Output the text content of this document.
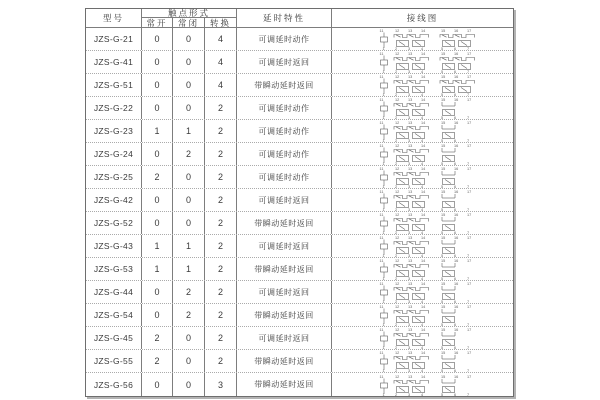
型号	触点形式
常开	常闭	转换	延时特性	接线图
JZS-G-21	0	0	4	可调延时动作
11
1
12 13 14
2	3	4
15 16 17
5	6	7
JZS-G-41	0	0	4	可调延时返回
11
1
12 13 14
2	3	4
15 16 17
5	6	7
JZS-G-51	0	0	4	带瞬动延时返回
11
1
12 13 14
2	3	4
15 16 17
5	6	7
JZS-G-22	0	0	2	可调延时动作
11
1
12 13 14
2	3	4
15 16 17
5	6	7
JZS-G-23	1	1	2	可调延时动作
11
1
12 13 14
2	3	4
15 16 17
5	6	7
JZS-G-24	0	2	2	可调延时动作
11
1
12 13 14
2	3	4
15 16 17
5	6	7
JZS-G-25	2	0	2	可调延时动作
11
1
12 13 14
2	3	4
15 16 17
5	6	7
JZS-G-42	0	0	2	可调延时返回
11
1
12 13 14
2	3	4
15 16 17
5	6	7
JZS-G-52	0	0	2	带瞬动延时返回
11
1
12 13 14
2	3	4
15 16 17
5	6	7
JZS-G-43	1	1	2	可调延时返回
11
1
12 13 14
2	3	4
15 16 17
5	6	7
JZS-G-53	1	1	2	带瞬动延时返回
11
1
12 13 14
2	3	4
15 16 17
5	6	7
JZS-G-44	0	2	2	可调延时返回
11
1
12 13 14
2	3	4
15 16 17
5	6	7
JZS-G-54	0	2	2	带瞬动延时返回
11
1
12 13 14
2	3	4
15 16 17
5	6	7
JZS-G-45	2	0	2	可调延时返回
11
1
12 13 14
2	3	4
15 16 17
5	6	7
JZS-G-55	2	0	2	带瞬动延时返回
11
1
12 13 14
2	3	4
15 16 17
5	6	7
JZS-G-56	0	0	3	带瞬动延时返回
11
1
12 13 14
2	3	4
15 16 17
5	6	7
